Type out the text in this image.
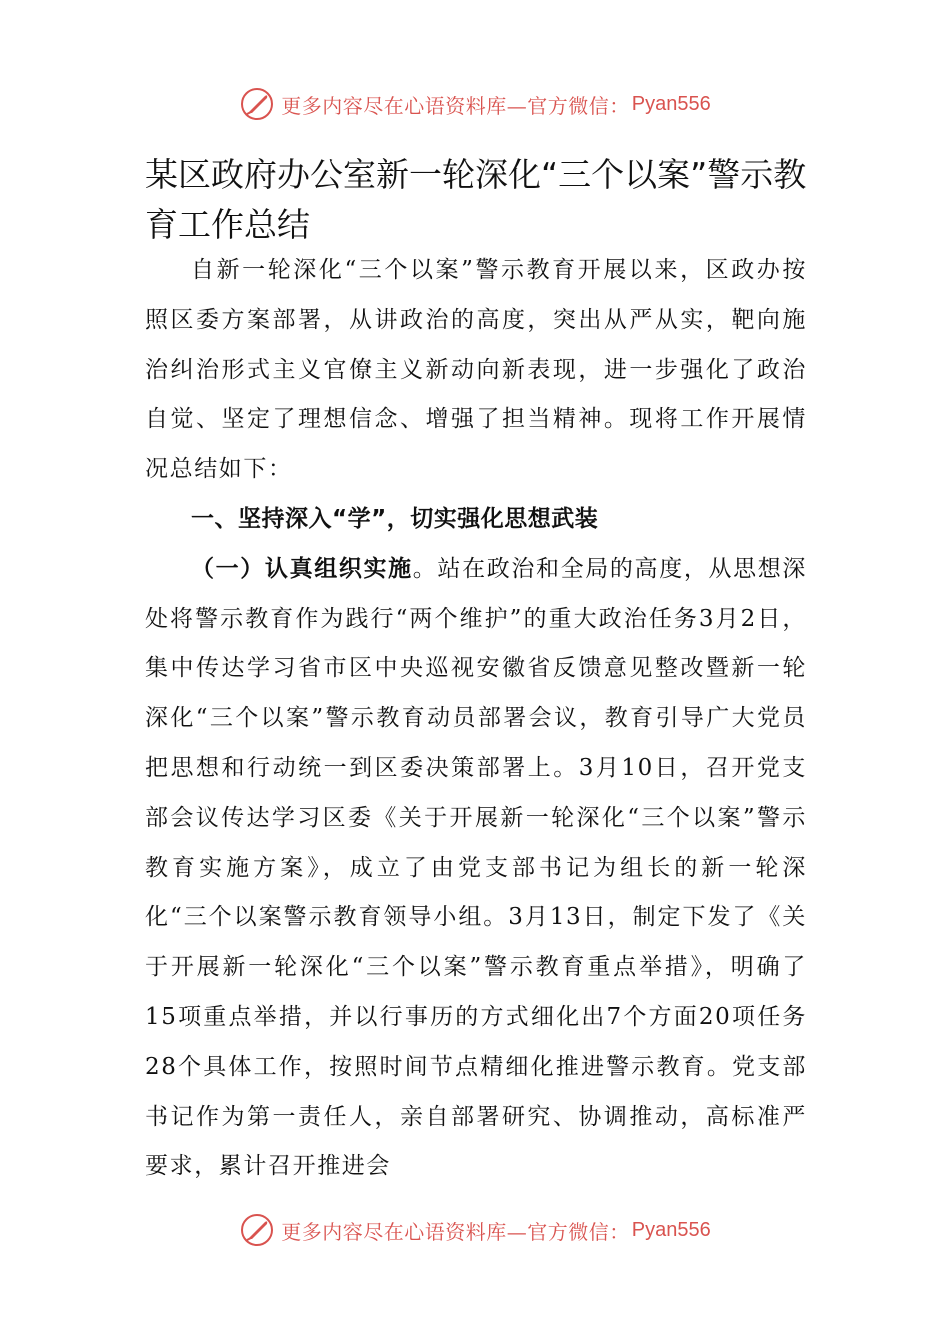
更多内容尽在心语资料库—官方微信： Pyan556
某区政府办公室新一轮深化“三个以案”警示教育工作总结

自新一轮深化“三个以案”警示教育开展以来，区政办按照区委方案部署，从讲政治的高度，突出从严从实，靶向施治纠治形式主义官僚主义新动向新表现，进一步强化了政治自觉、坚定了理想信念、增强了担当精神。现将工作开展情况总结如下：

一、坚持深入“学”，切实强化思想武装

（一）认真组织实施。站在政治和全局的高度，从思想深处将警示教育作为践行“两个维护”的重大政治任务3月2日，集中传达学习省市区中央巡视安徽省反馈意见整改暨新一轮深化“三个以案”警示教育动员部署会议，教育引导广大党员把思想和行动统一到区委决策部署上。3月10日，召开党支部会议传达学习区委《关于开展新一轮深化“三个以案”警示教育实施方案》，成立了由党支部书记为组长的新一轮深化“三个以案警示教育领导小组。3月13日，制定下发了《关于开展新一轮深化“三个以案”警示教育重点举措》，明确了15项重点举措，并以行事历的方式细化出7个方面20项任务28个具体工作，按照时间节点精细化推进警示教育。党支部书记作为第一责任人，亲自部署研究、协调推动，高标准严要求，累计召开推进会

更多内容尽在心语资料库—官方微信： Pyan556
